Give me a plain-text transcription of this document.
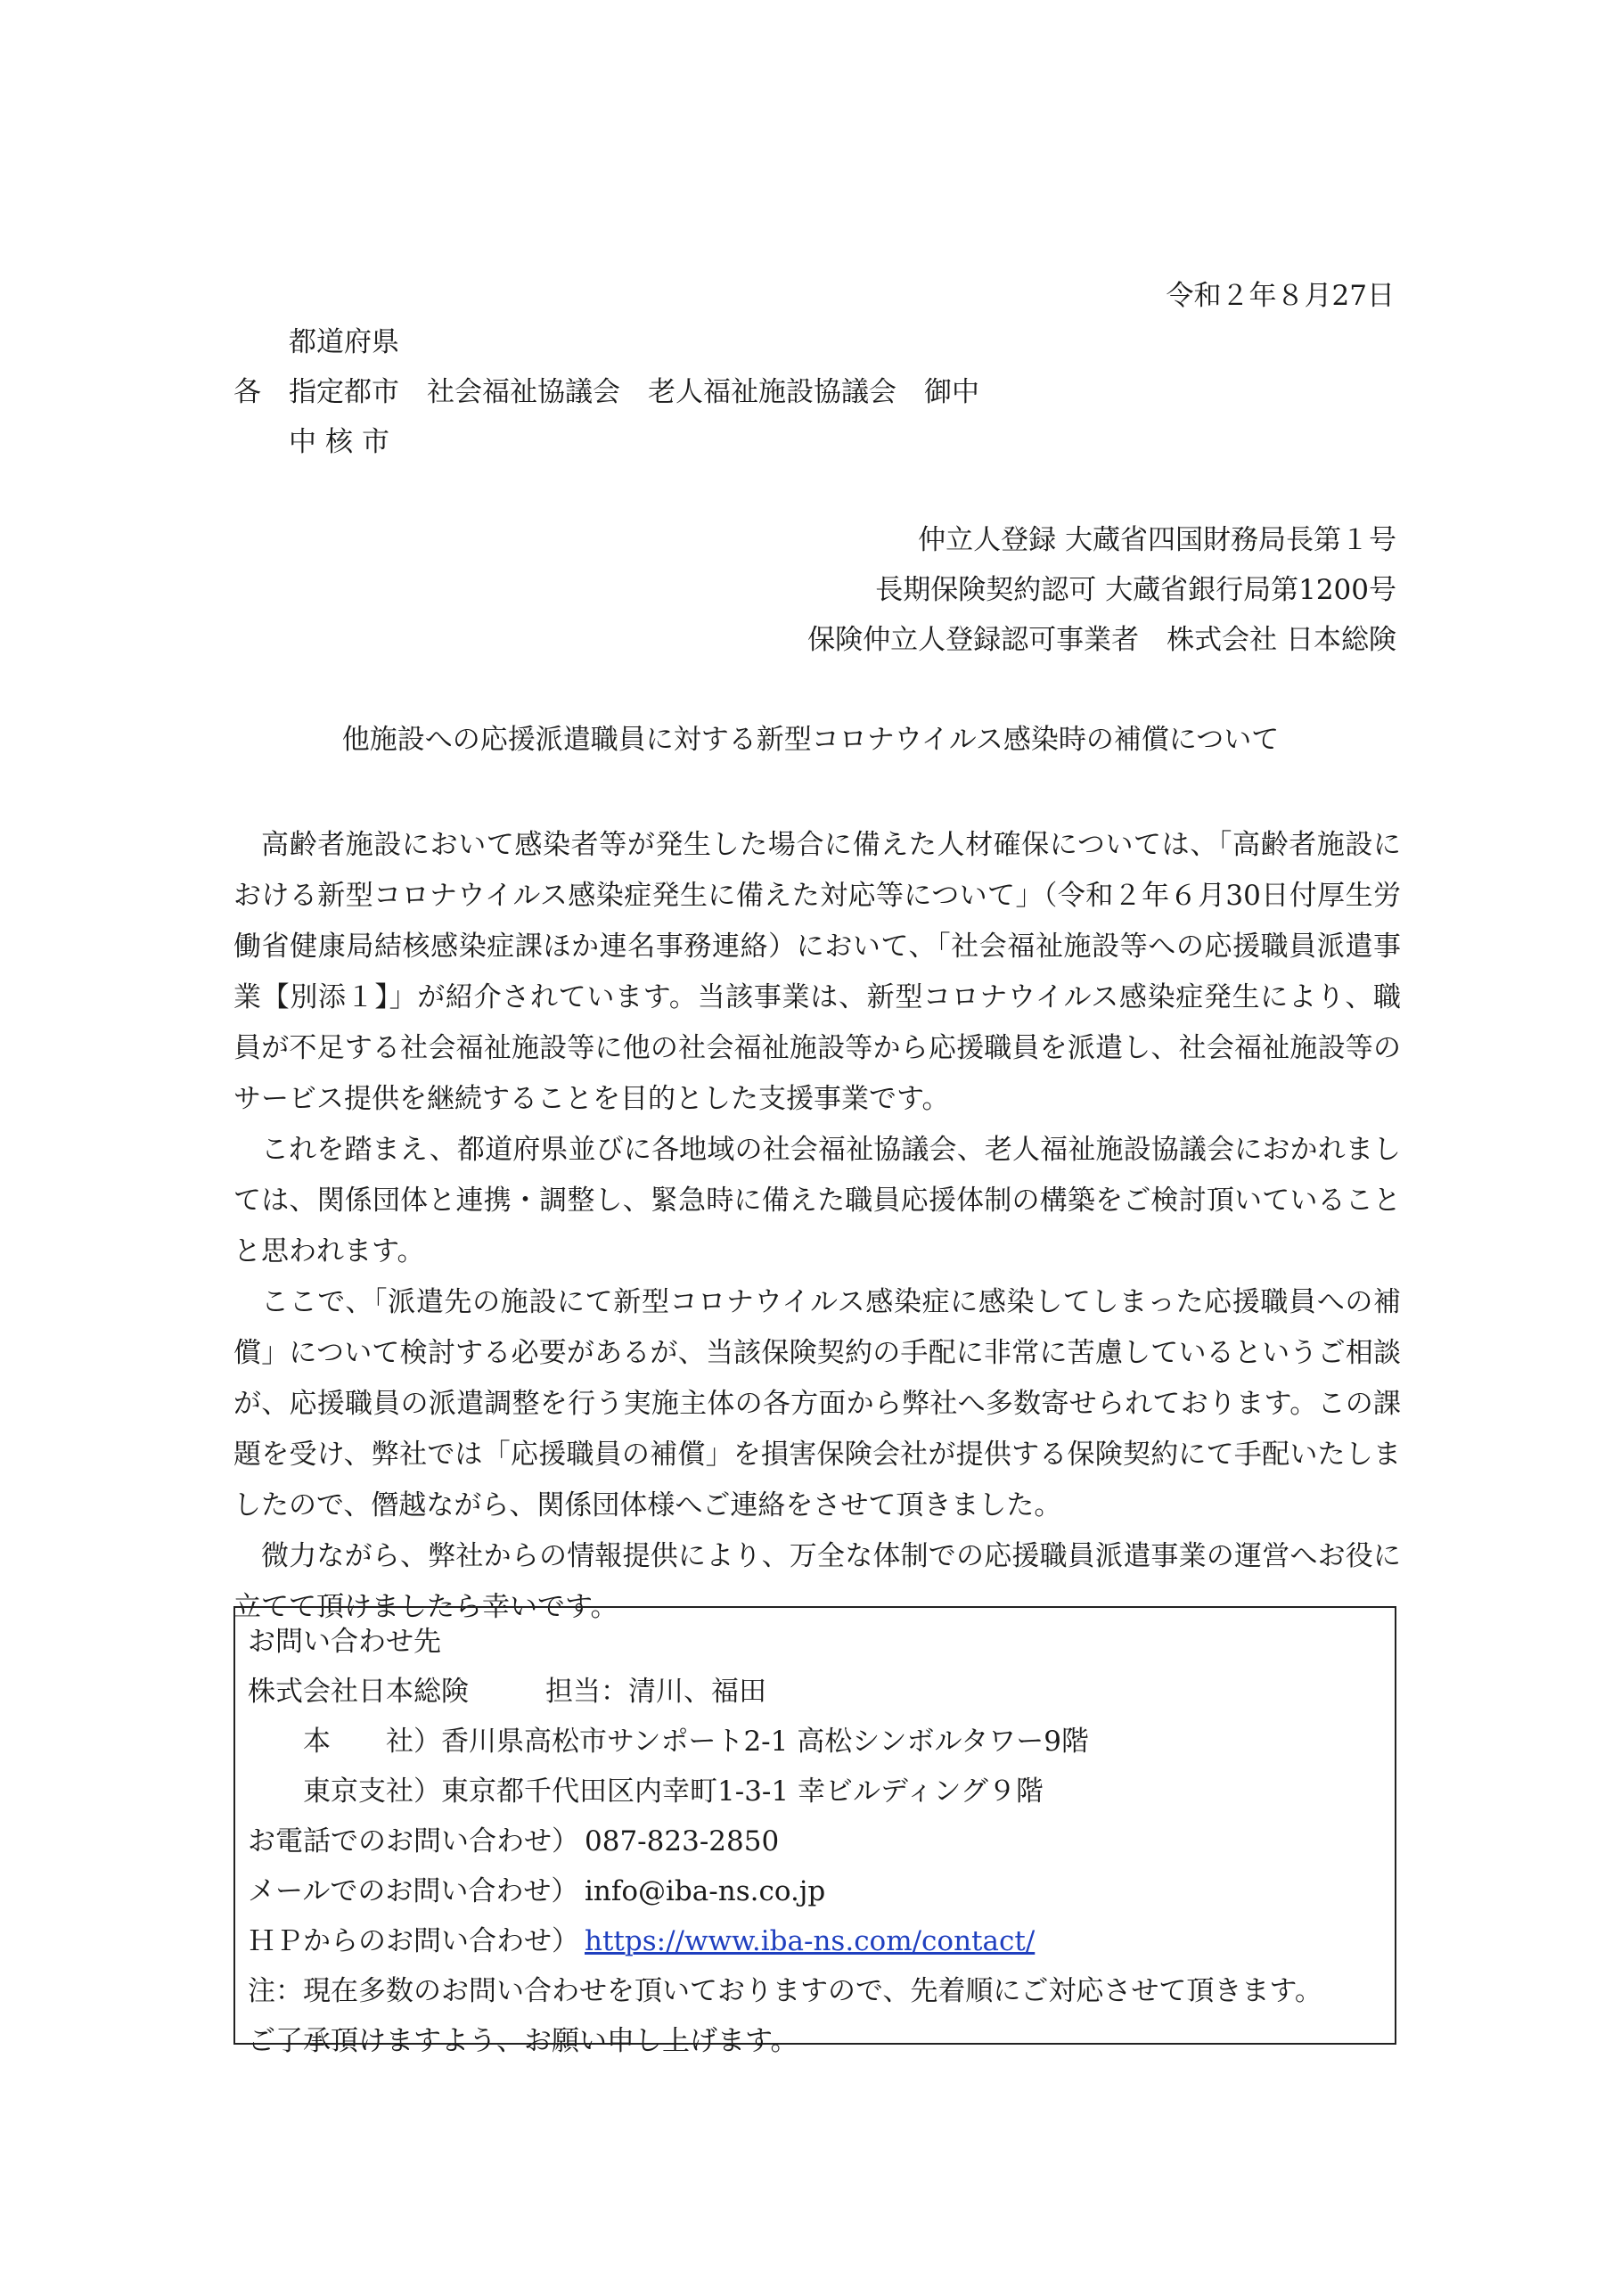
令和２年８月27日
各
都道府県
指定都市　社会福祉協議会　老人福祉施設協議会　御中
中核市
仲立人登録 大蔵省四国財務局長第１号
長期保険契約認可 大蔵省銀行局第1200号
保険仲立人登録認可事業者　株式会社 日本総険
他施設への応援派遣職員に対する新型コロナウイルス感染時の補償について

高齢者施設において感染者等が発生した場合に備えた人材確保については、「高齢者施設における新型コロナウイルス感染症発生に備えた対応等について」（令和２年６月30日付厚生労働省健康局結核感染症課ほか連名事務連絡）において、「社会福祉施設等への応援職員派遣事業【別添１】」が紹介されています。当該事業は、新型コロナウイルス感染症発生により、職員が不足する社会福祉施設等に他の社会福祉施設等から応援職員を派遣し、社会福祉施設等のサービス提供を継続することを目的とした支援事業です。

これを踏まえ、都道府県並びに各地域の社会福祉協議会、老人福祉施設協議会におかれましては、関係団体と連携・調整し、緊急時に備えた職員応援体制の構築をご検討頂いていることと思われます。

ここで、「派遣先の施設にて新型コロナウイルス感染症に感染してしまった応援職員への補償」について検討する必要があるが、当該保険契約の手配に非常に苦慮しているというご相談が、応援職員の派遣調整を行う実施主体の各方面から弊社へ多数寄せられております。この課題を受け、弊社では「応援職員の補償」を損害保険会社が提供する保険契約にて手配いたしましたので、僭越ながら、関係団体様へご連絡をさせて頂きました。

微力ながら、弊社からの情報提供により、万全な体制での応援職員派遣事業の運営へお役に立てて頂けましたら幸いです。

お問い合わせ先
株式会社日本総険	担当：清川、福田
本　　社）香川県高松市サンポート2-1 高松シンボルタワー9階
東京支社）東京都千代田区内幸町1-3-1 幸ビルディング９階
お電話でのお問い合わせ） 087-823-2850
メールでのお問い合わせ） info@iba-ns.co.jp
ＨＰからのお問い合わせ） https://www.iba-ns.com/contact/
注：現在多数のお問い合わせを頂いておりますので、先着順にご対応させて頂きます。
ご了承頂けますよう、お願い申し上げます。
